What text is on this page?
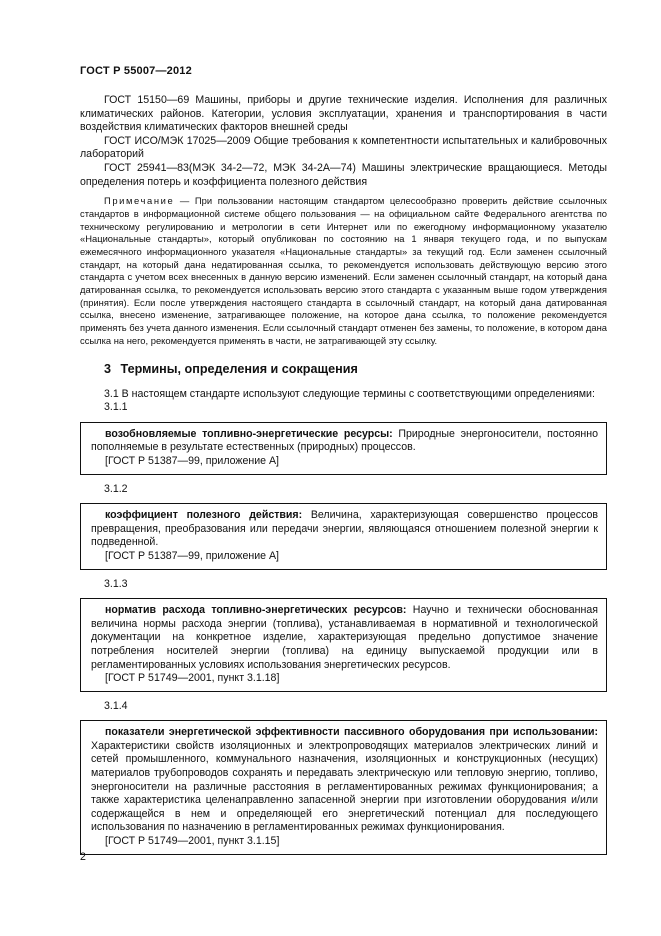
ГОСТ Р 55007—2012

ГОСТ 15150—69 Машины, приборы и другие технические изделия. Исполнения для различных климатических районов. Категории, условия эксплуатации, хранения и транспортирования в части воздействия климатических факторов внешней среды

ГОСТ ИСО/МЭК 17025—2009 Общие требования к компетентности испытательных и калибровочных лабораторий

ГОСТ 25941—83(МЭК 34-2—72, МЭК 34-2А—74) Машины электрические вращающиеся. Методы определения потерь и коэффициента полезного действия

Примечание — При пользовании настоящим стандартом целесообразно проверить действие ссылочных стандартов в информационной системе общего пользования — на официальном сайте Федерального агентства по техническому регулированию и метрологии в сети Интернет или по ежегодному информационному указателю «Национальные стандарты», который опубликован по состоянию на 1 января текущего года, и по выпускам ежемесячного информационного указателя «Национальные стандарты» за текущий год. Если заменен ссылочный стандарт, на который дана недатированная ссылка, то рекомендуется использовать действующую версию этого стандарта с учетом всех внесенных в данную версию изменений. Если заменен ссылочный стандарт, на который дана датированная ссылка, то рекомендуется использовать версию этого стандарта с указанным выше годом утверждения (принятия). Если после утверждения настоящего стандарта в ссылочный стандарт, на который дана датированная ссылка, внесено изменение, затрагивающее положение, на которое дана ссылка, то положение рекомендуется применять без учета данного изменения. Если ссылочный стандарт отменен без замены, то положение, в котором дана ссылка на него, рекомендуется применять в части, не затрагивающей эту ссылку.

3 Термины, определения и сокращения

3.1 В настоящем стандарте используют следующие термины с соответствующими определениями:

3.1.1

возобновляемые топливно-энергетические ресурсы: Природные энергоносители, постоянно пополняемые в результате естественных (природных) процессов.

[ГОСТ Р 51387—99, приложение А]
3.1.2

коэффициент полезного действия: Величина, характеризующая совершенство процессов превращения, преобразования или передачи энергии, являющаяся отношением полезной энергии к подведенной.

[ГОСТ Р 51387—99, приложение А]
3.1.3

норматив расхода топливно-энергетических ресурсов: Научно и технически обоснованная величина нормы расхода энергии (топлива), устанавливаемая в нормативной и технологической документации на конкретное изделие, характеризующая предельно допустимое значение потребления носителей энергии (топлива) на единицу выпускаемой продукции или в регламентированных условиях использования энергетических ресурсов.

[ГОСТ Р 51749—2001, пункт 3.1.18]
3.1.4

показатели энергетической эффективности пассивного оборудования при использовании: Характеристики свойств изоляционных и электропроводящих материалов электрических линий и сетей промышленного, коммунального назначения, изоляционных и конструкционных (несущих) материалов трубопроводов сохранять и передавать электрическую или тепловую энергию, топливо, энергоносители на различные расстояния в регламентированных режимах функционирования; а также характеристика целенаправленно запасенной энергии при изготовлении оборудования и/или содержащейся в нем и определяющей его энергетический потенциал для последующего использования по назначению в регламентированных режимах функционирования.

[ГОСТ Р 51749—2001, пункт 3.1.15]
2
